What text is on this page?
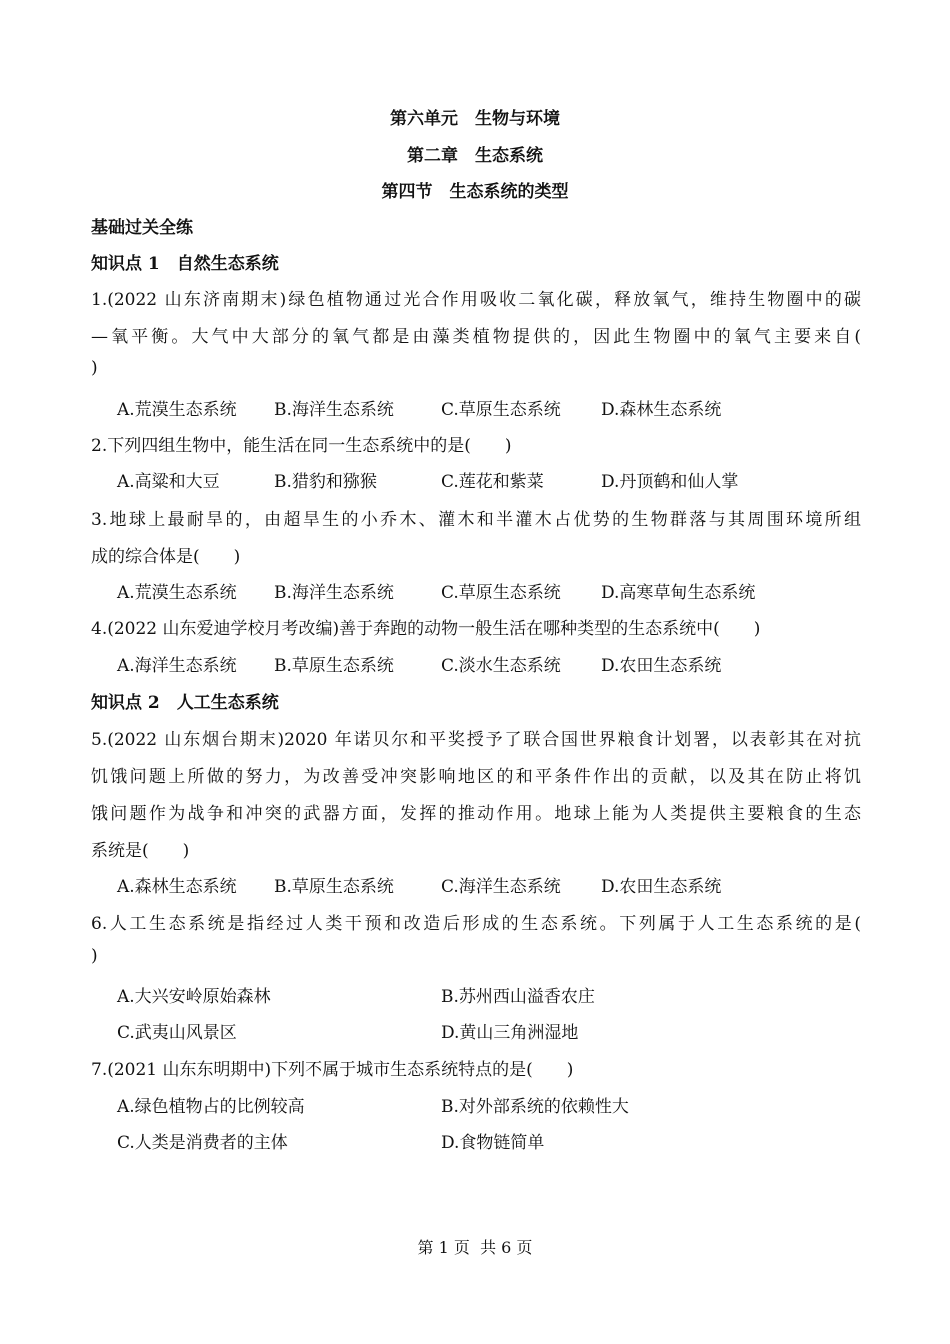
第六单元　生物与环境
第二章　生态系统
第四节　生态系统的类型
基础过关全练
知识点 1　自然生态系统
1.(2022 山东济南期末)绿色植物通过光合作用吸收二氧化碳，释放氧气，维持生物圈中的碳
—氧平衡。大气中大部分的氧气都是由藻类植物提供的，因此生物圈中的氧气主要来自(
)
A.荒漠生态系统 B.海洋生态系统	C.草原生态系统 D.森林生态系统
2.下列四组生物中，能生活在同一生态系统中的是(　　)
A.高粱和大豆	B.猎豹和猕猴	C.莲花和紫菜	D.丹顶鹤和仙人掌
3.地球上最耐旱的，由超旱生的小乔木、灌木和半灌木占优势的生物群落与其周围环境所组
成的综合体是(　　)
A.荒漠生态系统 B.海洋生态系统	C.草原生态系统 D.高寒草甸生态系统
4.(2022 山东爱迪学校月考改编)善于奔跑的动物一般生活在哪种类型的生态系统中(　　)
A.海洋生态系统 B.草原生态系统	C.淡水生态系统 D.农田生态系统
知识点 2　人工生态系统
5.(2022 山东烟台期末)2020 年诺贝尔和平奖授予了联合国世界粮食计划署，以表彰其在对抗
饥饿问题上所做的努力，为改善受冲突影响地区的和平条件作出的贡献，以及其在防止将饥
饿问题作为战争和冲突的武器方面，发挥的推动作用。地球上能为人类提供主要粮食的生态
系统是(　　)
A.森林生态系统 B.草原生态系统	C.海洋生态系统 D.农田生态系统
6.人工生态系统是指经过人类干预和改造后形成的生态系统。下列属于人工生态系统的是(
)
A.大兴安岭原始森林	B.苏州西山溢香农庄
C.武夷山风景区	D.黄山三角洲湿地
7.(2021 山东东明期中)下列不属于城市生态系统特点的是(　　)
A.绿色植物占的比例较高	B.对外部系统的依赖性大
C.人类是消费者的主体	D.食物链简单
第 1 页  共 6 页
